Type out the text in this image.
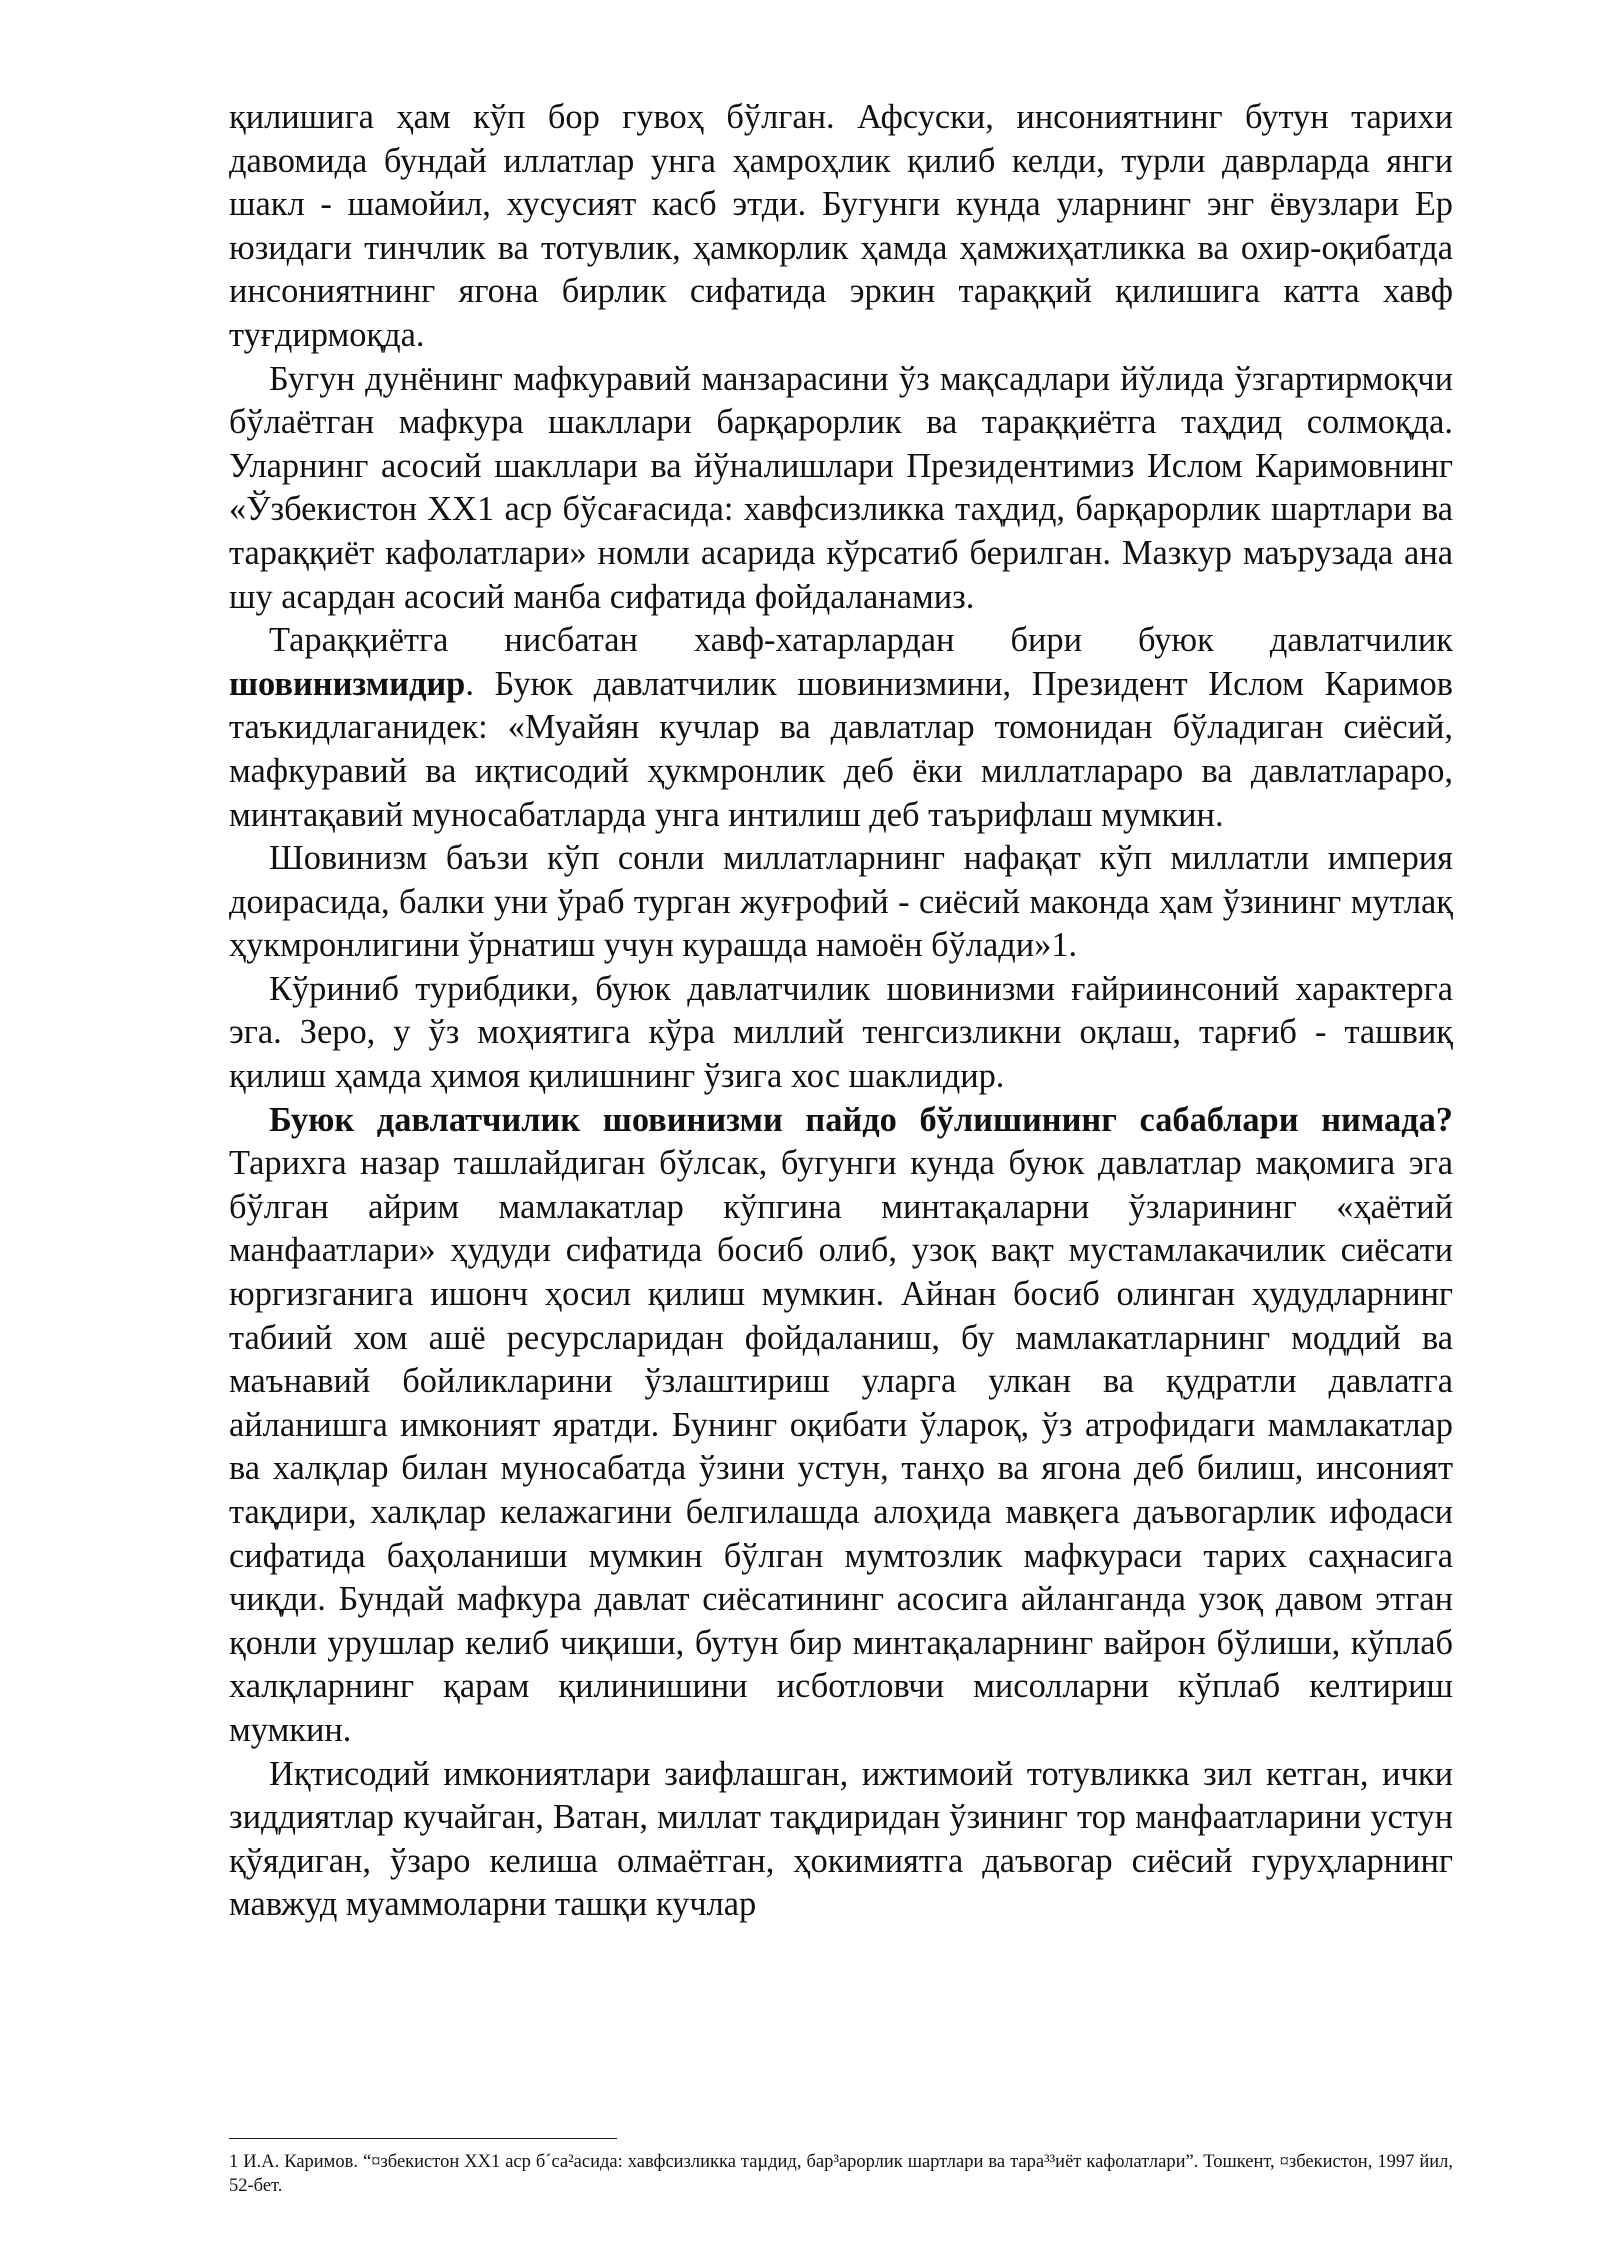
қилишига ҳам кўп бор гувоҳ бўлган. Афсуски, инсониятнинг бутун тарихи давомида бундай иллатлар унга ҳамроҳлик қилиб келди, турли даврларда янги шакл - шамойил, хусусият касб этди. Бугунги кунда уларнинг энг ёвузлари Ер юзидаги тинчлик ва тотувлик, ҳамкорлик ҳамда ҳамжиҳатликка ва охир-оқибатда инсониятнинг ягона бирлик сифатида эркин тараққий қилишига катта хавф туғдирмоқда.

Бугун дунёнинг мафкуравий манзарасини ўз мақсадлари йўлида ўзгартирмоқчи бўлаётган мафкура шакллари барқарорлик ва тараққиётга таҳдид солмоқда. Уларнинг асосий шакллари ва йўналишлари Президентимиз Ислом Каримовнинг «Ўзбекистон XX1 аср бўсағасида: хавфсизликка таҳдид, барқарорлик шартлари ва тараққиёт кафолатлари» номли асарида кўрсатиб берилган. Мазкур маърузада ана шу асардан асосий манба сифатида фойдаланамиз.

Тараққиётга нисбатан хавф-хатарлардан бири буюк давлатчилик шовинизмидир. Буюк давлатчилик шовинизмини, Президент Ислом Каримов таъкидлаганидек: «Муайян кучлар ва давлатлар томонидан бўладиган сиёсий, мафкуравий ва иқтисодий ҳукмронлик деб ёки миллатлараро ва давлатлараро, минтақавий муносабатларда унга интилиш деб таърифлаш мумкин.

Шовинизм баъзи кўп сонли миллатларнинг нафақат кўп миллатли империя доирасида, балки уни ўраб турган жуғрофий - сиёсий маконда ҳам ўзининг мутлақ ҳукмронлигини ўрнатиш учун курашда намоён бўлади»1.

Кўриниб турибдики, буюк давлатчилик шовинизми ғайриинсоний характерга эга. Зеро, у ўз моҳиятига кўра миллий тенгсизликни оқлаш, тарғиб - ташвиқ қилиш ҳамда ҳимоя қилишнинг ўзига хос шаклидир.

Буюк давлатчилик шовинизми пайдо бўлишининг сабаблари нимада? Тарихга назар ташлайдиган бўлсак, бугунги кунда буюк давлатлар мақомига эга бўлган айрим мамлакатлар кўпгина минтақаларни ўзларининг «ҳаётий манфаатлари» ҳудуди сифатида босиб олиб, узоқ вақт мустамлакачилик сиёсати юргизганига ишонч ҳосил қилиш мумкин. Айнан босиб олинган ҳудудларнинг табиий хом ашё ресурсларидан фойдаланиш, бу мамлакатларнинг моддий ва маънавий бойликларини ўзлаштириш уларга улкан ва қудратли давлатга айланишга имконият яратди. Бунинг оқибати ўлароқ, ўз атрофидаги мамлакатлар ва халқлар билан муносабатда ўзини устун, танҳо ва ягона деб билиш, инсоният тақдири, халқлар келажагини белгилашда алоҳида мавқега даъвогарлик ифодаси сифатида баҳоланиши мумкин бўлган мумтозлик мафкураси тарих саҳнасига чиқди. Бундай мафкура давлат сиёсатининг асосига айланганда узоқ давом этган қонли урушлар келиб чиқиши, бутун бир минтақаларнинг вайрон бўлиши, кўплаб халқларнинг қарам қилинишини исботловчи мисолларни кўплаб келтириш мумкин.

Иқтисодий имкониятлари заифлашган, ижтимоий тотувликка зил кетган, ички зиддиятлар кучайган, Ватан, миллат тақдиридан ўзининг тор манфаатларини устун қўядиган, ўзаро келиша олмаётган, ҳокимиятга даъвогар сиёсий гуруҳларнинг мавжуд муаммоларни ташқи кучлар

1 И.А. Каримов. “¤збекистон XX1 аср б´са²асида: хавфсизликка таµдид, бар³арорлик шартлари ва тара³³иёт кафолатлари”. Тошкент, ¤збекистон, 1997 йил, 52-бет.
